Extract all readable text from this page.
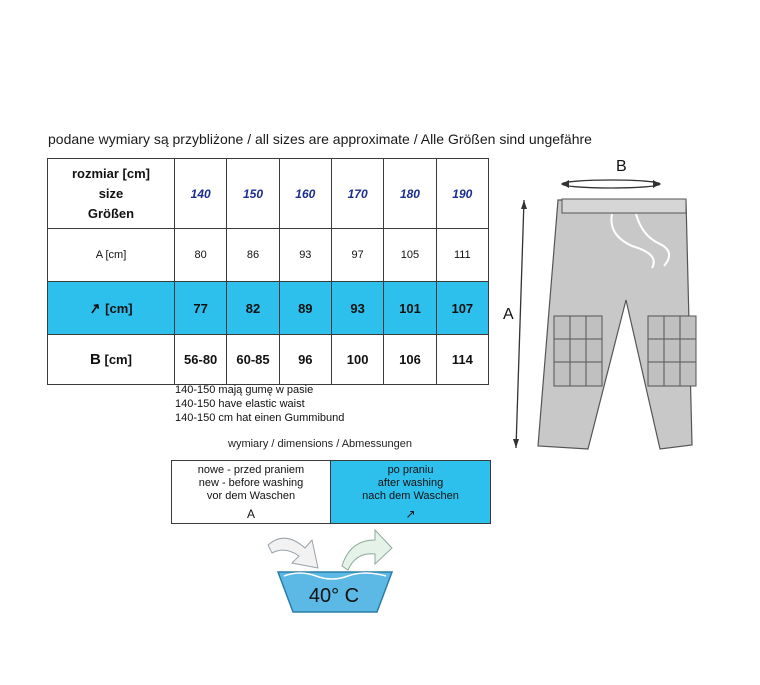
podane wymiary są przybliżone / all sizes are approximate / Alle Größen sind ungefähre
rozmiar [cm]
size
Größen	140	150	160	170	180	190
A [cm]	80	86	93	97	105	111
↗ [cm]	77	82	89	93	101	107
B [cm]	56-80	60-85	96	100	106	114
140-150 mają gumę w pasie
140-150 have elastic waist
140-150 cm hat einen Gummibund
wymiary / dimensions / Abmessungen
nowe - przed praniem
new - before washing
vor dem Waschen
A
po praniu
after washing
nach dem Waschen
↗
40° C
B
A
